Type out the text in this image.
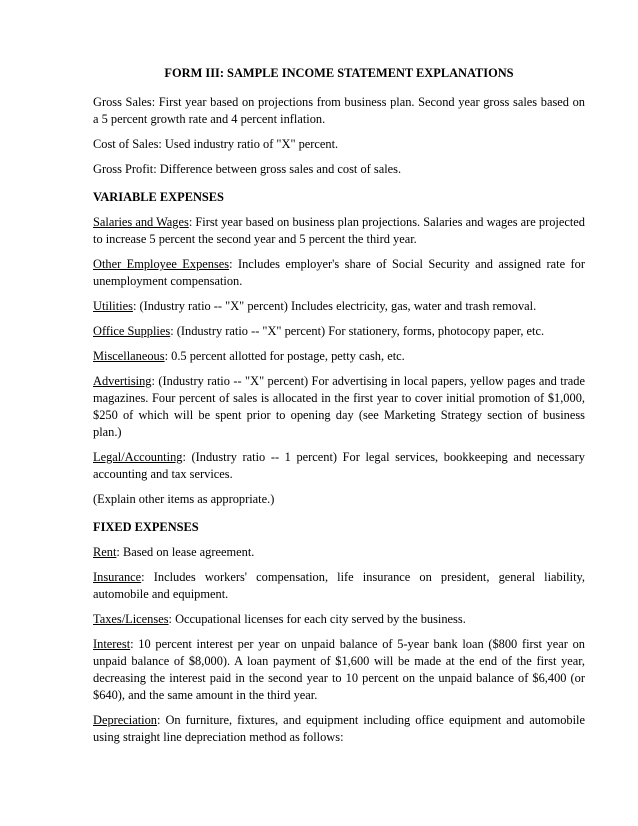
FORM III: SAMPLE INCOME STATEMENT EXPLANATIONS

Gross Sales: First year based on projections from business plan. Second year gross sales based on a 5 percent growth rate and 4 percent inflation.

Cost of Sales: Used industry ratio of "X" percent.

Gross Profit: Difference between gross sales and cost of sales.

VARIABLE EXPENSES

Salaries and Wages: First year based on business plan projections. Salaries and wages are projected to increase 5 percent the second year and 5 percent the third year.

Other Employee Expenses: Includes employer's share of Social Security and assigned rate for unemployment compensation.

Utilities: (Industry ratio -- "X" percent) Includes electricity, gas, water and trash removal.

Office Supplies: (Industry ratio -- "X" percent) For stationery, forms, photocopy paper, etc.

Miscellaneous: 0.5 percent allotted for postage, petty cash, etc.

Advertising: (Industry ratio -- "X" percent) For advertising in local papers, yellow pages and trade magazines. Four percent of sales is allocated in the first year to cover initial promotion of $1,000, $250 of which will be spent prior to opening day (see Marketing Strategy section of business plan.)

Legal/Accounting: (Industry ratio -- 1 percent) For legal services, bookkeeping and necessary accounting and tax services.

(Explain other items as appropriate.)

FIXED EXPENSES

Rent: Based on lease agreement.

Insurance: Includes workers' compensation, life insurance on president, general liability, automobile and equipment.

Taxes/Licenses: Occupational licenses for each city served by the business.

Interest: 10 percent interest per year on unpaid balance of 5-year bank loan ($800 first year on unpaid balance of $8,000). A loan payment of $1,600 will be made at the end of the first year, decreasing the interest paid in the second year to 10 percent on the unpaid balance of $6,400 (or $640), and the same amount in the third year.

Depreciation: On furniture, fixtures, and equipment including office equipment and automobile using straight line depreciation method as follows:
